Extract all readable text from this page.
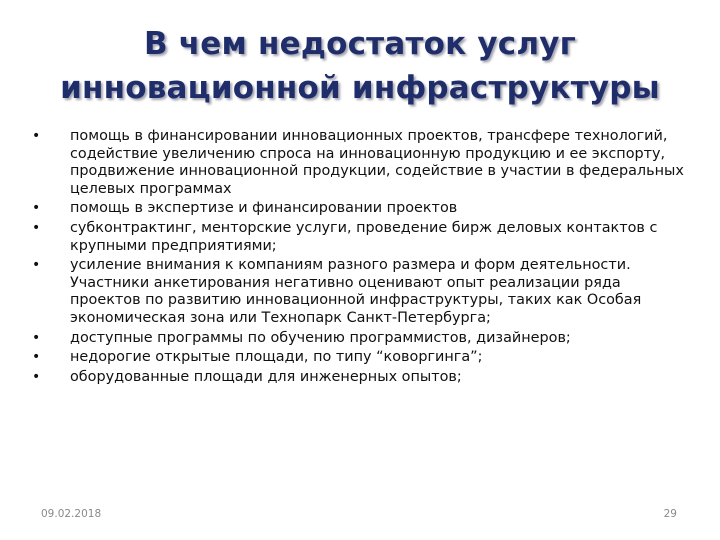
В чем недостаток услуг
инновационной инфраструктуры
•	помощь в финансировании инновационных проектов, трансфере технологий, содействие увеличению спроса на инновационную продукцию и ее экспорту, продвижение инновационной продукции, содействие в участии в федеральных целевых программах
•	помощь в экспертизе и финансировании проектов
•	субконтрактинг, менторские услуги, проведение бирж деловых контактов с крупными предприятиями;
•	усиление внимания к компаниям разного размера и форм деятельности. Участники анкетирования негативно оценивают опыт реализации ряда проектов по развитию инновационной инфраструктуры, таких как Особая экономическая зона или Технопарк Санкт-Петербурга;
•	доступные программы по обучению программистов, дизайнеров;
•	недорогие открытые площади, по типу “коворгинга”;
•	оборудованные площади для инженерных опытов;
09.02.2018	29
